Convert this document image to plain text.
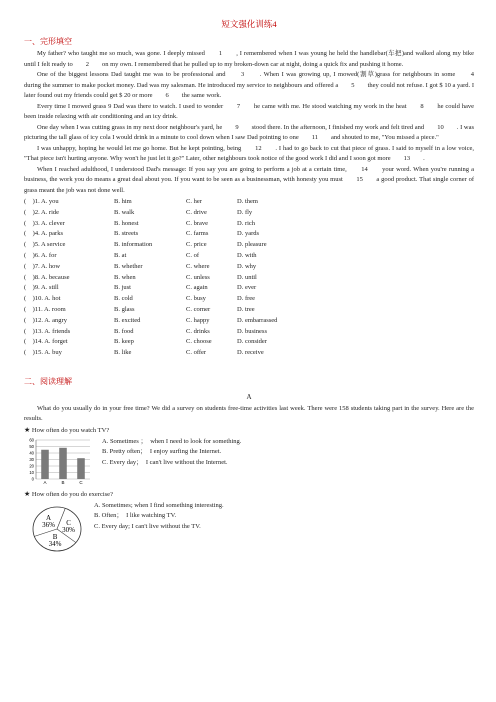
短文强化训练4
一、完形填空

My father? who taught me so much, was gone. I deeply missed　　1　　, I remembered when I was young he held the handlebar(车把)and walked along my bike until I felt ready to　　2　　on my own. I remembered that he pulled up to my broken-down car at night, doing a quick fix and pushing it home.

One of the biggest lessons Dad taught me was to be professional and　　3　　. When I was growing up, I mowed(割草)grass for neighbours in some　　4　　during the summer to make pocket money. Dad was my salesman. He introduced my service to neighbours and offered a　　5　　they could not refuse. I got $ 10 a yard. I later found out my friends could get $ 20 or more　　6　　the same work.

Every time I mowed grass 9 Dad was there to watch. I used to wonder　　7　　he came with me. He stood watching my work in the heat　　8　　he could have been inside relaxing with air conditioning and an icy drink.

One day when I was cutting grass in my next door neighbour's yard, he　　9　　stood there. In the afternoon, I finished my work and felt tired and　　10　　. I was picturing the tall glass of icy cola I would drink in a minute to cool down when I saw Dad pointing to one　　11　　and shouted to me, "You missed a piece."

I was unhappy, hoping he would let me go home. But he kept pointing, being　　12　　. I had to go back to cut that piece of grass. I said to myself in a low voice, "That piece isn't hurting anyone. Why won't he just let it go?" Later, other neighbours took notice of the good work I did and I soon got more　　13　　.

When I reached adulthood, I understood Dad's message: If you say you are going to perform a job at a certain time,　　14　　your word. When you're running a business, the work you do means a great deal about you. If you want to be seen as a businessman, with honesty you must　　15　　a good product. That single corner of grass meant the job was not done well.

(　)1. A. you	B. him	C. her	D. them
(　)2. A. ride	B. walk	C. drive	D. fly
(　)3. A. clever	B. honest	C. brave	D. rich
(　)4. A. parks	B. streets	C. farms	D. yards
(　)5. A service	B. information	C. price	D. pleasure
(　)6. A. for	B. at	C. of	D. with
(　)7. A. how	B. whether	C. where	D. why
(　)8. A. because	B. when	C. unless	D. until
(　)9. A. still	B. just	C. again	D. ever
(　)10. A. hot	B. cold	C. busy	D. free
(　)11. A. room	B. glass	C. corner	D. tree
(　)12. A. angry	B. excited	C. happy	D. embarrassed
(　)13. A. friends	B. food	C. drinks	D. business
(　)14. A. forget	B. keep	C. choose	D. consider
(　)15. A. buy	B. like	C. offer	D. receive
二、阅读理解
A

What do you usually do in your free time? We did a survey on students free-time activities last week. There were 158 students taking part in the survey. Here are the results.

★ How often do you watch TV?
0
10
20
30
40
50
60
A	B	C
A. Sometimes ；　when I need to look for something.
B. Pretty often；　I enjoy surfing the Internet.
C. Every day；　I can't live without the Internet.
★ How often do you do exercise?
A
36%
B
34%
C
30%
A. Sometimes; when I find something interesting.
B. Often；　I like watching TV.
C. Every day; I can't live without the TV.
